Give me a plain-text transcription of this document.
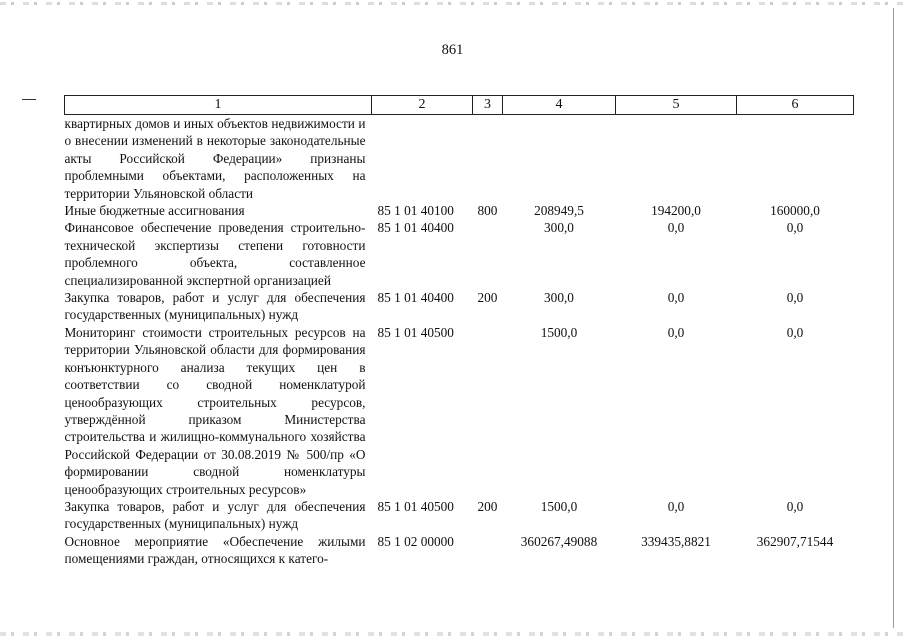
861
1	2	3	4	5	6
квартирных домов и иных объектов недвижимости и о внесении изменений в некоторые законодательные акты Российской Федерации» признаны проблемными объектами, расположенных на территории Ульяновской области					
Иные бюджетные ассигнования	85 1 01 40100	800	208949,5	194200,0	160000,0
Финансовое обеспечение проведения строительно-технической экспертизы степени готовности проблемного объекта, составленное специализированной экспертной организацией	85 1 01 40400		300,0	0,0	0,0
Закупка товаров, работ и услуг для обеспечения государственных (муниципальных) нужд	85 1 01 40400	200	300,0	0,0	0,0
Мониторинг стоимости строительных ресурсов на территории Ульяновской области для формирования конъюнктурного анализа текущих цен в соответствии со сводной номенклатурой ценообразующих строительных ресурсов, утверждённой приказом Министерства строительства и жилищно-коммунального хозяйства Российской Федерации от 30.08.2019 № 500/пр «О формировании сводной номенклатуры ценообразующих строительных ресурсов»	85 1 01 40500		1500,0	0,0	0,0
Закупка товаров, работ и услуг для обеспечения государственных (муниципальных) нужд	85 1 01 40500	200	1500,0	0,0	0,0
Основное мероприятие «Обеспечение жилыми помещениями граждан, относящихся к катего-	85 1 02 00000		360267,49088	339435,8821	362907,71544
